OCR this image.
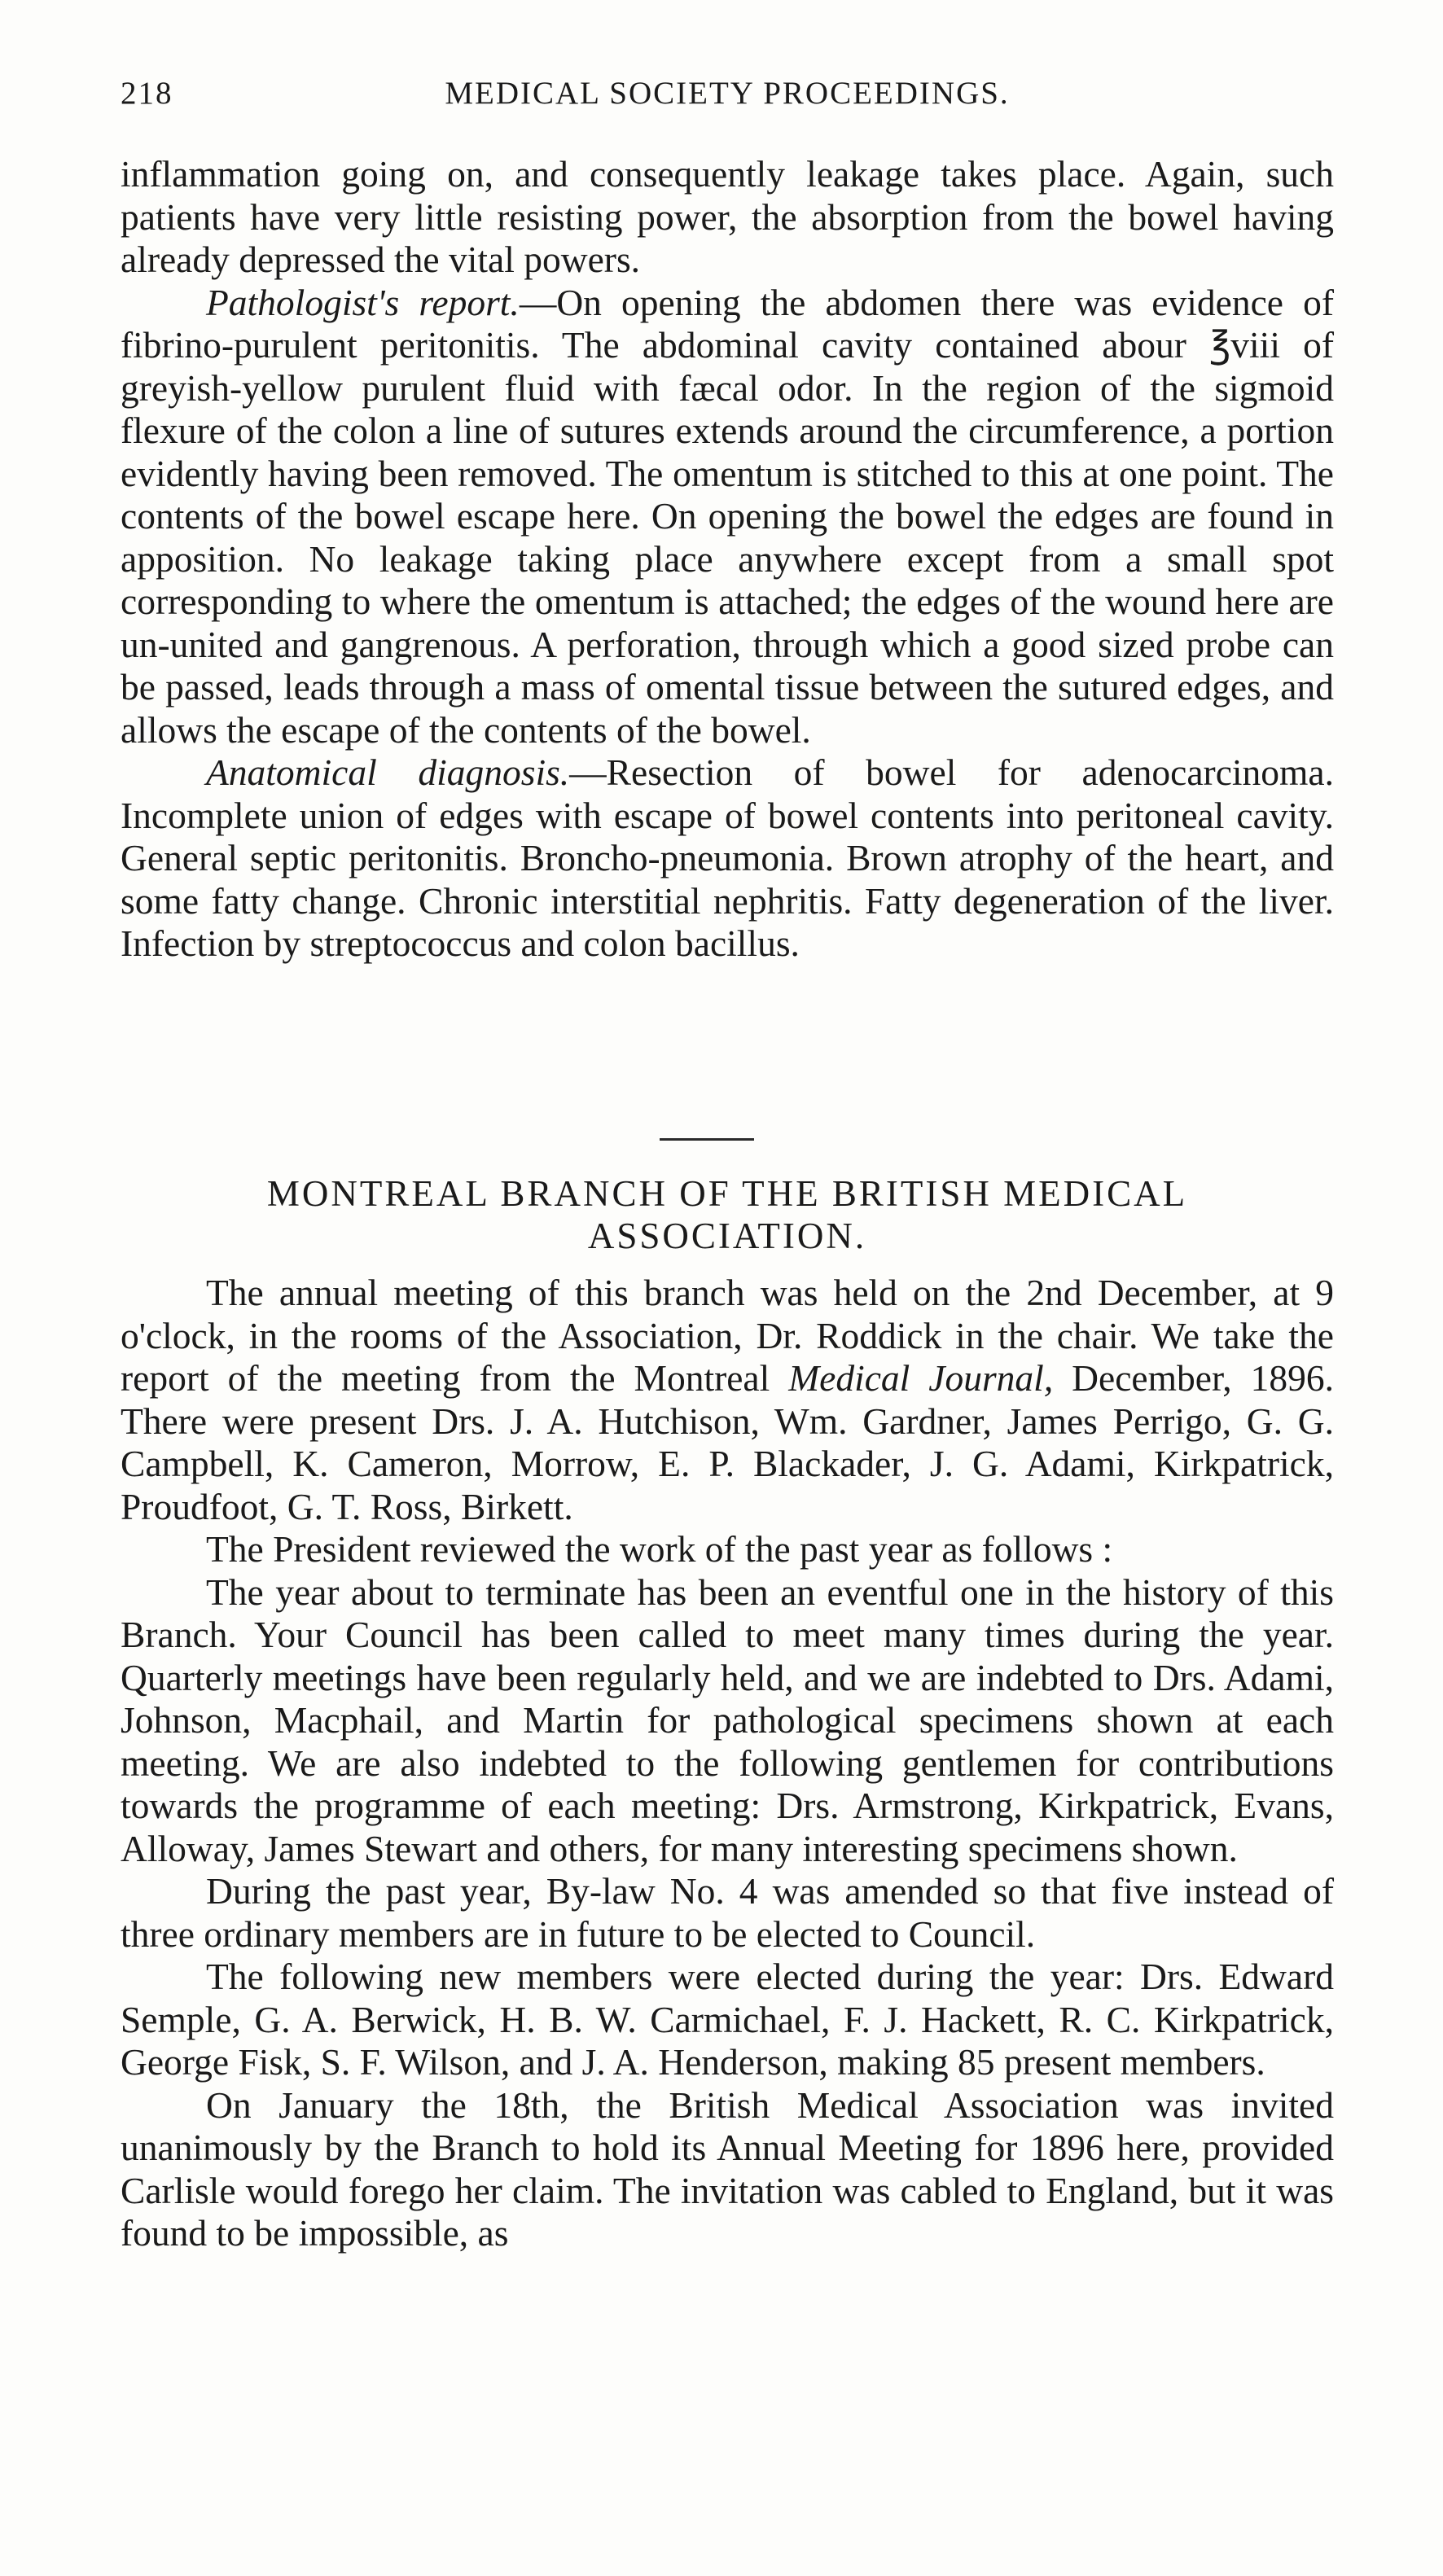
218	MEDICAL SOCIETY PROCEEDINGS.

inflammation going on, and consequently leakage takes place. Again, such patients have very little resisting power, the absorption from the bowel having already depressed the vital powers.

Pathologist's report.—On opening the abdomen there was evidence of fibrino-purulent peritonitis. The abdominal cavity contained abour ℥viii of greyish-yellow purulent fluid with fæcal odor. In the region of the sigmoid flexure of the colon a line of sutures extends around the circumference, a portion evidently having been removed. The omentum is stitched to this at one point. The contents of the bowel escape here. On opening the bowel the edges are found in apposition. No leakage taking place anywhere except from a small spot corresponding to where the omentum is attached; the edges of the wound here are un-united and gangrenous. A perforation, through which a good sized probe can be passed, leads through a mass of omental tissue between the sutured edges, and allows the escape of the contents of the bowel.

Anatomical diagnosis.—Resection of bowel for adenocarcinoma. Incomplete union of edges with escape of bowel contents into peritoneal cavity. General septic peritonitis. Broncho-pneumonia. Brown atrophy of the heart, and some fatty change. Chronic interstitial nephritis. Fatty degeneration of the liver. Infection by streptococcus and colon bacillus.

MONTREAL BRANCH OF THE BRITISH MEDICAL
ASSOCIATION.

The annual meeting of this branch was held on the 2nd December, at 9 o'clock, in the rooms of the Association, Dr. Roddick in the chair. We take the report of the meeting from the Montreal Medical Journal, December, 1896. There were present Drs. J. A. Hutchison, Wm. Gardner, James Perrigo, G. G. Campbell, K. Cameron, Morrow, E. P. Blackader, J. G. Adami, Kirkpatrick, Proudfoot, G. T. Ross, Birkett.

The President reviewed the work of the past year as follows :

The year about to terminate has been an eventful one in the history of this Branch. Your Council has been called to meet many times during the year. Quarterly meetings have been regularly held, and we are indebted to Drs. Adami, Johnson, Macphail, and Martin for pathological specimens shown at each meeting. We are also indebted to the following gentlemen for contributions towards the programme of each meeting: Drs. Armstrong, Kirkpatrick, Evans, Alloway, James Stewart and others, for many interesting specimens shown.

During the past year, By-law No. 4 was amended so that five instead of three ordinary members are in future to be elected to Council.

The following new members were elected during the year: Drs. Edward Semple, G. A. Berwick, H. B. W. Carmichael, F. J. Hackett, R. C. Kirkpatrick, George Fisk, S. F. Wilson, and J. A. Henderson, making 85 present members.

On January the 18th, the British Medical Association was invited unanimously by the Branch to hold its Annual Meeting for 1896 here, provided Carlisle would forego her claim. The invitation was cabled to England, but it was found to be impossible, as
